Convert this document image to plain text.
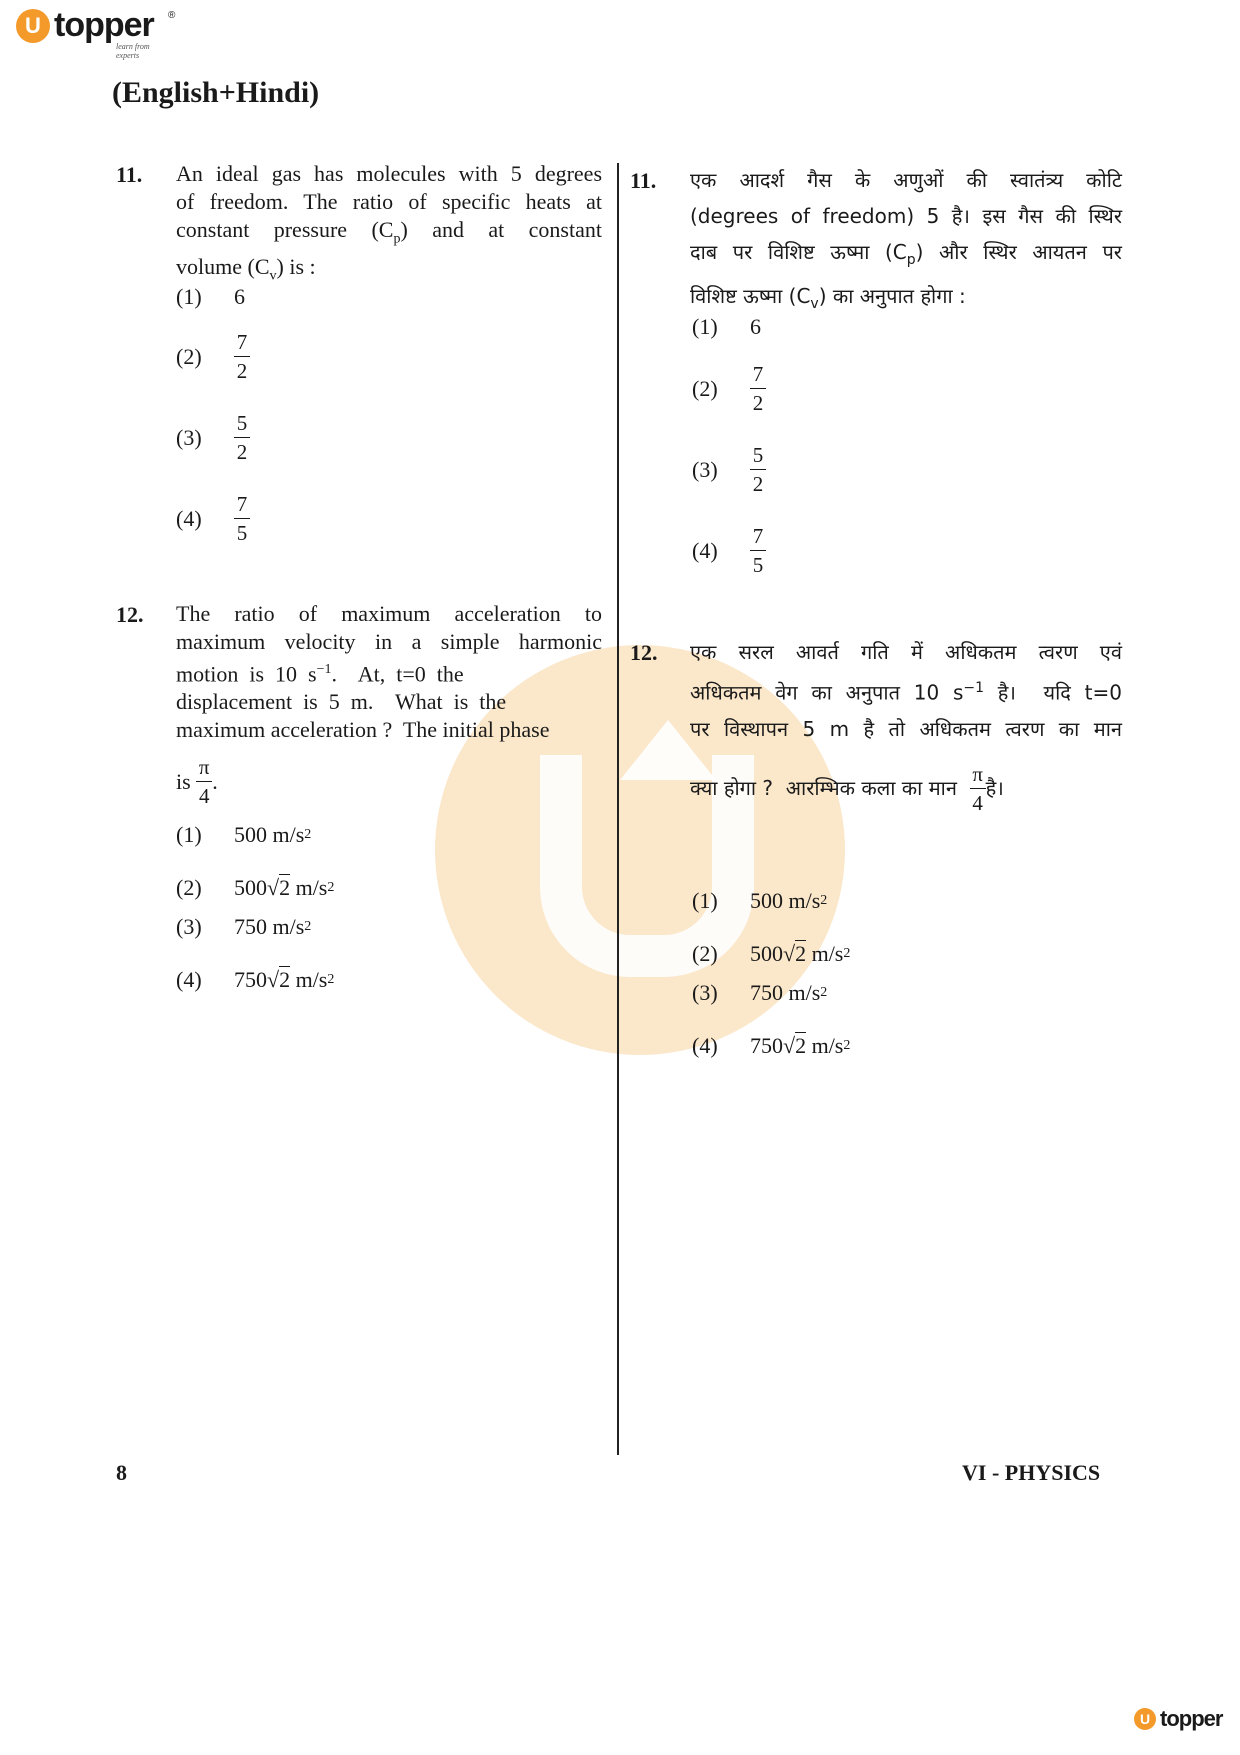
U topper ®
learn from experts
(English+Hindi)
11. An ideal gas has molecules with 5 degrees
of freedom. The ratio of specific heats at
constant pressure $(C_p)$ and at constant
volume $(C_v)$ is :
(1)	6
(2)	$\frac{7}{2}$
(3)	$\frac{5}{2}$
(4)	$\frac{7}{5}$
12. The ratio of maximum acceleration to
maximum velocity in a simple harmonic
motion  is  10  $s^{-1}$.    At,  t=0  the
displacement  is  5  m.    What  is  the
maximum acceleration ?  The initial phase
is
$\frac{\pi}{4}$ .
(1)	500 m/s 2
(2)	500 √ 2 m/s 2
(3)	750 m/s 2
(4)	750 √ 2 m/s 2
11. एक आदर्श गैस के अणुओं की स्वातंत्र्य कोटि
(degrees of freedom) 5 है। इस गैस की स्थिर
दाब पर विशिष्ट ऊष्मा $(C_p)$ और स्थिर आयतन पर
विशिष्ट ऊष्मा $(C_v)$ का अनुपात होगा :
(1)	6
(2)	$\frac{7}{2}$
(3)	$\frac{5}{2}$
(4)	$\frac{7}{5}$
12. एक सरल आवर्त गति में अधिकतम त्वरण एवं
अधिकतम वेग का अनुपात 10 $s^{-1}$ है।  यदि t=0
पर विस्थापन 5 m है तो अधिकतम त्वरण का मान
क्या होगा ?  आरम्भिक कला का मान

$\frac{\pi}{4}$ है।
(1)	500 m/s 2
(2)	500 √ 2 m/s 2
(3)	750 m/s 2
(4)	750 √ 2 m/s 2
8	VI - PHYSICS
U topper
